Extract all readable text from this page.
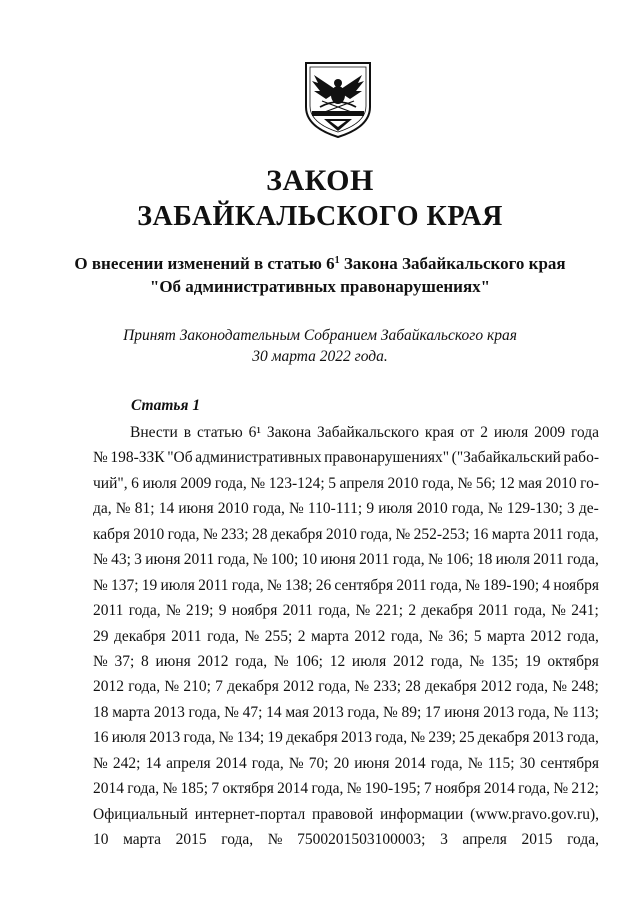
ЗАКОН
ЗАБАЙКАЛЬСКОГО КРАЯ
О внесении изменений в статью $6^1$ Закона Забайкальского края
"Об административных правонарушениях"
Принят Законодательным Собранием Забайкальского края
30 марта 2022 года.
Статья 1
Внести в статью 6¹ Закона Забайкальского края от 2 июля 2009 года
№ 198-ЗЗК "Об административных правонарушениях" ("Забайкальский рабо-
чий", 6 июля 2009 года, № 123-124; 5 апреля 2010 года, № 56; 12 мая 2010 го-
да, № 81; 14 июня 2010 года, № 110-111; 9 июля 2010 года, № 129-130; 3 де-
кабря 2010 года, № 233; 28 декабря 2010 года, № 252-253; 16 марта 2011 года,
№ 43; 3 июня 2011 года, № 100; 10 июня 2011 года, № 106; 18 июля 2011 года,
№ 137; 19 июля 2011 года, № 138; 26 сентября 2011 года, № 189-190; 4 ноября
2011 года, № 219; 9 ноября 2011 года, № 221; 2 декабря 2011 года, № 241;
29 декабря 2011 года, № 255; 2 марта 2012 года, № 36; 5 марта 2012 года,
№ 37; 8 июня 2012 года, № 106; 12 июля 2012 года, № 135; 19 октября
2012 года, № 210; 7 декабря 2012 года, № 233; 28 декабря 2012 года, № 248;
18 марта 2013 года, № 47; 14 мая 2013 года, № 89; 17 июня 2013 года, № 113;
16 июля 2013 года, № 134; 19 декабря 2013 года, № 239; 25 декабря 2013 года,
№ 242; 14 апреля 2014 года, № 70; 20 июня 2014 года, № 115; 30 сентября
2014 года, № 185; 7 октября 2014 года, № 190-195; 7 ноября 2014 года, № 212;
Официальный интернет-портал правовой информации (www.pravo.gov.ru),
10 марта 2015 года, № 7500201503100003; 3 апреля 2015 года,
